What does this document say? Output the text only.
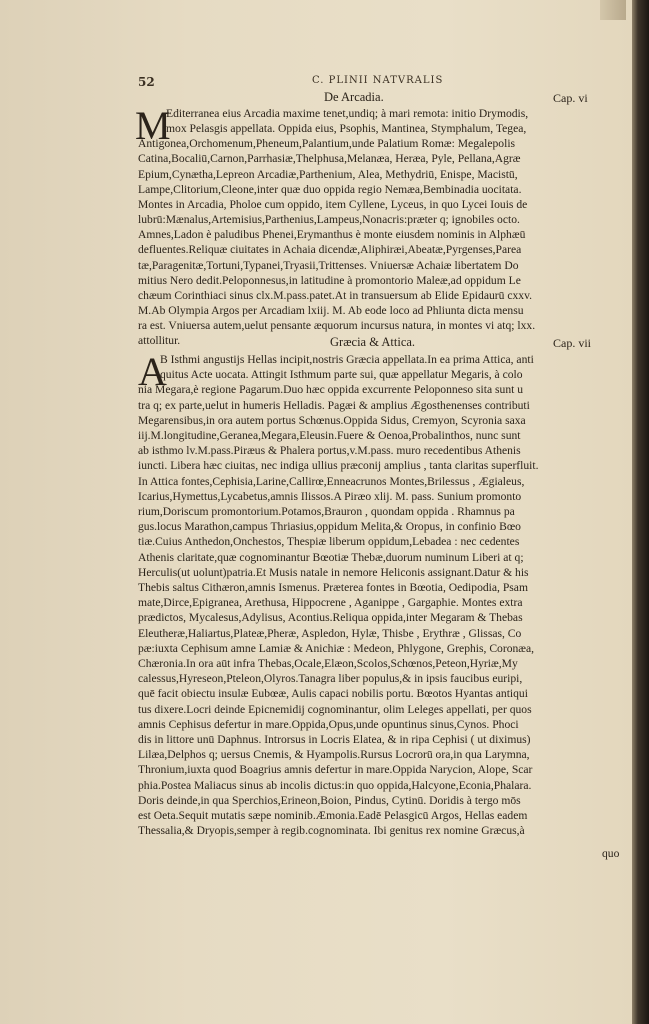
52	C. PLINII NATVRALIS
De Arcadia.	Cap. vi
M
Editerranea eius Arcadia maxime tenet,undiq; à mari remota: initio Drymodis,
mox Pelasgis appellata. Oppida eius, Psophis, Mantinea, Stymphalum, Tegea,
Antigonea,Orchomenum,Pheneum,Palantium,unde Palatium Romæ: Megalepolis
Catina,Bocaliū,Carnon,Parrhasiæ,Thelphusa,Melanæa, Heræa, Pyle, Pellana,Agræ
Epium,Cynætha,Lepreon Arcadiæ,Parthenium, Alea, Methydriū, Enispe, Macistū,
Lampe,Clitorium,Cleone,inter quæ duo oppida regio Nemæa,Bembinadia uocitata.
Montes in Arcadia, Pholoe cum oppido, item Cyllene, Lyceus, in quo Lycei Iouis de
lubrū:Mænalus,Artemisius,Parthenius,Lampeus,Nonacris:præter q; ignobiles octo.
Amnes,Ladon è paludibus Phenei,Erymanthus è monte eiusdem nominis in Alphæū
defluentes.Reliquæ ciuitates in Achaia dicendæ,Aliphiræi,Abeatæ,Pyrgenses,Parea
tæ,Paragenitæ,Tortuni,Typanei,Tryasii,Trittenses. Vniuersæ Achaiæ libertatem Do
mitius Nero dedit.Peloponnesus,in latitudine à promontorio Maleæ,ad oppidum Le
chæum Corinthiaci sinus clx.M.pass.patet.At in transuersum ab Elide Epidaurū cxxv.
M.Ab Olympia Argos per Arcadiam lxiij. M. Ab eode loco ad Phliunta dicta mensu
ra est. Vniuersa autem,uelut pensante æquorum incursus natura, in montes vi atq; lxx.
attollitur.	Græcia & Attica.	Cap. vii
A
B Isthmi angustijs Hellas incipit,nostris Græcia appellata.In ea prima Attica, anti
quitus Acte uocata. Attingit Isthmum parte sui, quæ appellatur Megaris, à colo
nia Megara,è regione Pagarum.Duo hæc oppida excurrente Peloponneso sita sunt u
tra q; ex parte,uelut in humeris Helladis. Pagæi & amplius Ægosthenenses contributi
Megarensibus,in ora autem portus Schœnus.Oppida Sidus, Cremyon, Scyronia saxa
iij.M.longitudine,Geranea,Megara,Eleusin.Fuere & Oenoa,Probalinthos, nunc sunt
ab isthmo lv.M.pass.Piræus & Phalera portus,v.M.pass. muro recedentibus Athenis
iuncti. Libera hæc ciuitas, nec indiga ullius præconij amplius , tanta claritas superfluit.
In Attica fontes,Cephisia,Larine,Callirœ,Enneacrunos Montes,Brilessus , Ægialeus,
Icarius,Hymettus,Lycabetus,amnis Ilissos.A Piræo xlij. M. pass. Sunium promonto
rium,Doriscum promontorium.Potamos,Brauron , quondam oppida . Rhamnus pa
gus.locus Marathon,campus Thriasius,oppidum Melita,& Oropus, in confinio Bœo
tiæ.Cuius Anthedon,Onchestos, Thespiæ liberum oppidum,Lebadea : nec cedentes
Athenis claritate,quæ cognominantur Bœotiæ Thebæ,duorum numinum Liberi at q;
Herculis(ut uolunt)patria.Et Musis natale in nemore Heliconis assignant.Datur & his
Thebis saltus Cithæron,amnis Ismenus. Præterea fontes in Bœotia, Oedipodia, Psam
mate,Dirce,Epigranea, Arethusa, Hippocrene , Aganippe , Gargaphie. Montes extra
prædictos, Mycalesus,Adylisus, Acontius.Reliqua oppida,inter Megaram & Thebas
Eleutheræ,Haliartus,Plateæ,Pheræ, Aspledon, Hylæ, Thisbe , Erythræ , Glissas, Co
pæ:iuxta Cephisum amne Lamiæ & Anichiæ : Medeon, Phlygone, Grephis, Coronæa,
Chæronia.In ora aūt infra Thebas,Ocale,Elæon,Scolos,Schœnos,Peteon,Hyriæ,My
calessus,Hyreseon,Pteleon,Olyros.Tanagra liber populus,& in ipsis faucibus euripi,
quē facit obiectu insulæ Eubœæ, Aulis capaci nobilis portu. Bœotos Hyantas antiqui
tus dixere.Locri deinde Epicnemidij cognominantur, olim Leleges appellati, per quos
amnis Cephisus defertur in mare.Oppida,Opus,unde opuntinus sinus,Cynos. Phoci
dis in littore unū Daphnus. Introrsus in Locris Elatea, & in ripa Cephisi ( ut diximus)
Lilæa,Delphos q; uersus Cnemis, & Hyampolis.Rursus Locrorū ora,in qua Larymna,
Thronium,iuxta quod Boagrius amnis defertur in mare.Oppida Narycion, Alope, Scar
phia.Postea Maliacus sinus ab incolis dictus:in quo oppida,Halcyone,Econia,Phalara.
Doris deinde,in qua Sperchios,Erineon,Boion, Pindus, Cytinū. Doridis à tergo mōs
est Oeta.Sequit mutatis sæpe nominib.Æmonia.Eadē Pelasgicū Argos, Hellas eadem
Thessalia,& Dryopis,semper à regib.cognominata. Ibi genitus rex nomine Græcus,à
quo
